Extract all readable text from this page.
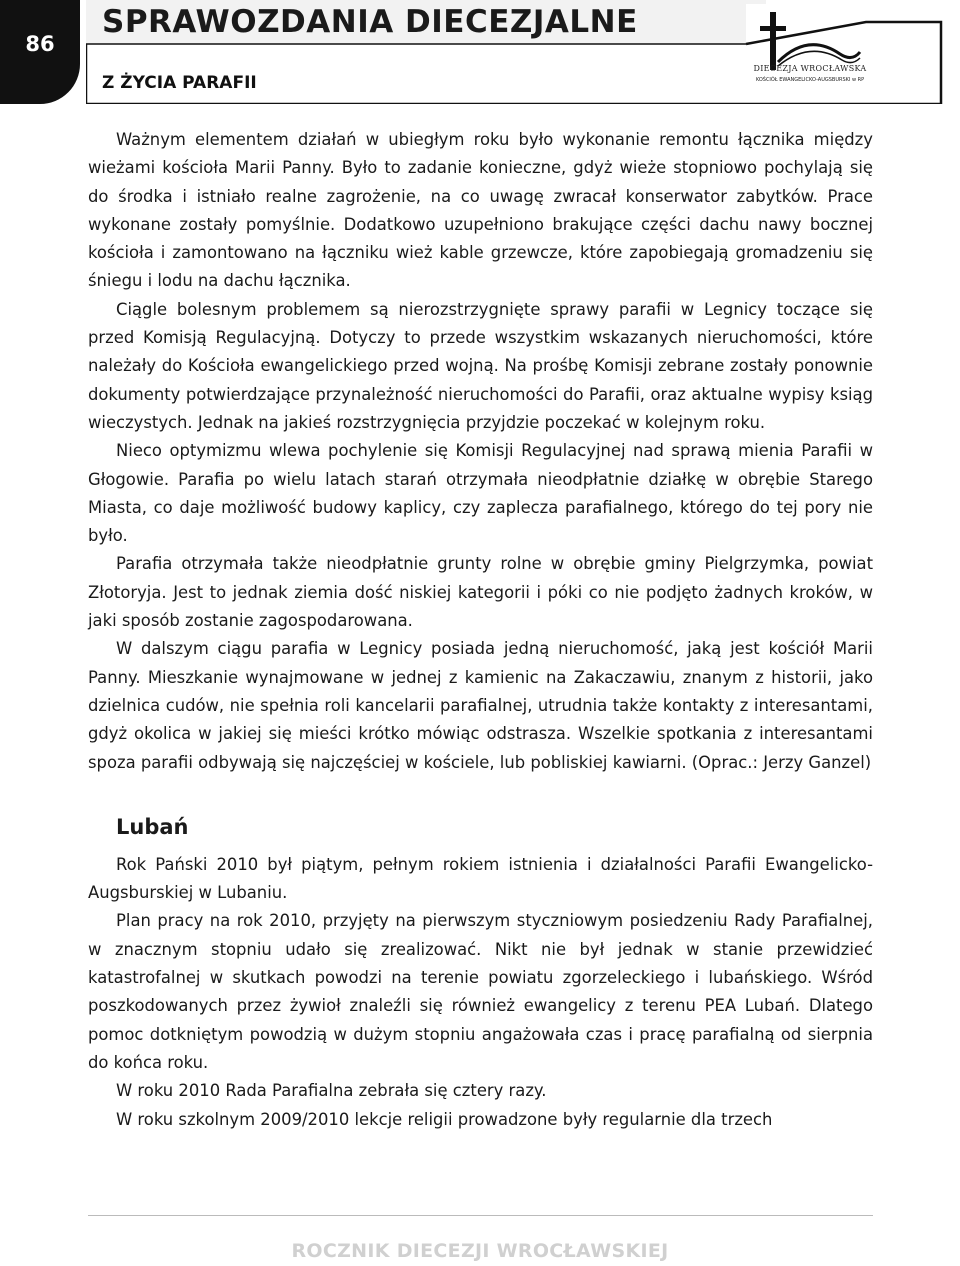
86
SPRAWOZDANIA DIECEZJALNE
Z ŻYCIA PARAFII
DIECEZJA WROCŁAWSKA
KOŚCIÓŁ EWANGELICKO-AUGSBURSKI w RP

Ważnym elementem działań w ubiegłym roku było wykonanie remontu łącznika między wieżami kościoła Marii Panny. Było to zadanie konieczne, gdyż wieże stopniowo pochylają się do środka i istniało realne zagrożenie, na co uwagę zwracał konserwator zabytków. Prace wykonane zostały pomyślnie. Dodatkowo uzupełniono brakujące części dachu nawy bocznej kościoła i zamontowano na łączniku wież kable grzewcze, które zapobiegają gromadzeniu się śniegu i lodu na dachu łącznika.

Ciągle bolesnym problemem są nierozstrzygnięte sprawy parafii w Legnicy toczące się przed Komisją Regulacyjną. Dotyczy to przede wszystkim wskazanych nieruchomości, które należały do Kościoła ewangelickiego przed wojną. Na prośbę Komisji zebrane zostały ponownie dokumenty potwierdzające przynależność nieruchomości do Parafii, oraz aktualne wypisy ksiąg wieczystych. Jednak na jakieś rozstrzygnięcia przyjdzie poczekać w kolejnym roku.

Nieco optymizmu wlewa pochylenie się Komisji Regulacyjnej nad sprawą mienia Parafii w Głogowie. Parafia po wielu latach starań otrzymała nieodpłatnie działkę w obrębie Starego Miasta, co daje możliwość budowy kaplicy, czy zaplecza parafialnego, którego do tej pory nie było.

Parafia otrzymała także nieodpłatnie grunty rolne w obrębie gminy Pielgrzymka, powiat Złotoryja. Jest to jednak ziemia dość niskiej kategorii i póki co nie podjęto żadnych kroków, w jaki sposób zostanie zagospodarowana.

W dalszym ciągu parafia w Legnicy posiada jedną nieruchomość, jaką jest kościół Marii Panny. Mieszkanie wynajmowane w jednej z kamienic na Zakaczawiu, znanym z historii, jako dzielnica cudów, nie spełnia roli kancelarii parafialnej, utrudnia także kontakty z interesantami, gdyż okolica w jakiej się mieści krótko mówiąc odstrasza. Wszelkie spotkania z interesantami spoza parafii odbywają się najczęściej w kościele, lub pobliskiej kawiarni. (Oprac.: Jerzy Ganzel)

Lubań

Rok Pański 2010 był piątym, pełnym rokiem istnienia i działalności Parafii Ewangelicko-Augsburskiej w Lubaniu.

Plan pracy na rok 2010, przyjęty na pierwszym styczniowym posiedzeniu Rady Parafialnej, w znacznym stopniu udało się zrealizować. Nikt nie był jednak w stanie przewidzieć katastrofalnej w skutkach powodzi na terenie powiatu zgorzeleckiego i lubańskiego. Wśród poszkodowanych przez żywioł znaleźli się również ewangelicy z terenu PEA Lubań. Dlatego pomoc dotkniętym powodzią w dużym stopniu angażowała czas i pracę parafialną od sierpnia do końca roku.

W roku 2010 Rada Parafialna zebrała się cztery razy.

W roku szkolnym 2009/2010 lekcje religii prowadzone były regularnie dla trzech

ROCZNIK DIECEZJI WROCŁAWSKIEJ
